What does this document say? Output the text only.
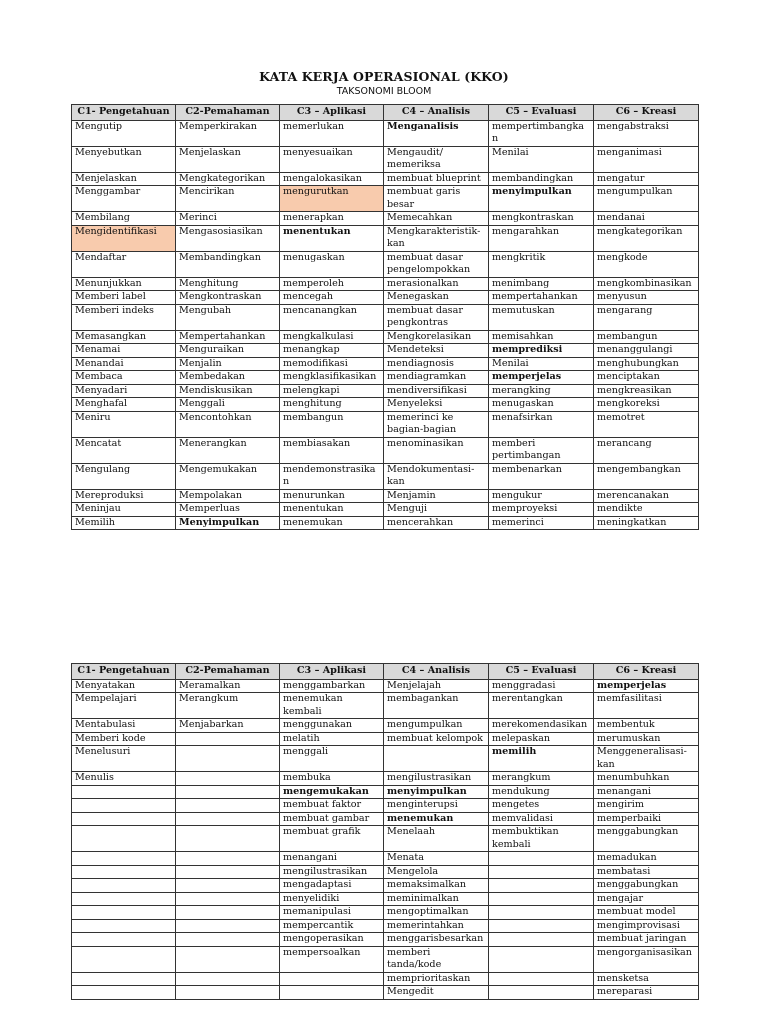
KATA KERJA OPERASIONAL (KKO)
TAKSONOMI BLOOM
C1- Pengetahuan	C2-Pemahaman	C3 – Aplikasi	C4 – Analisis	C5 – Evaluasi	C6 – Kreasi
Mengutip	Memperkirakan	memerlukan	Menganalisis	mempertimbangkan	mengabstraksi
Menyebutkan	Menjelaskan	menyesuaikan	Mengaudit/ memeriksa	Menilai	menganimasi
Menjelaskan	Mengkategorikan	mengalokasikan	membuat blueprint	membandingkan	mengatur
Menggambar	Mencirikan	mengurutkan	membuat garis besar	menyimpulkan	mengumpulkan
Membilang	Merinci	menerapkan	Memecahkan	mengkontraskan	mendanai
Mengidentifikasi	Mengasosiasikan	menentukan	Mengkarakteristik-kan	mengarahkan	mengkategorikan
Mendaftar	Membandingkan	menugaskan	membuat dasar pengelompokkan	mengkritik	mengkode
Menunjukkan	Menghitung	memperoleh	merasionalkan	menimbang	mengkombinasikan
Memberi label	Mengkontraskan	mencegah	Menegaskan	mempertahankan	menyusun
Memberi indeks	Mengubah	mencanangkan	membuat dasar pengkontras	memutuskan	mengarang
Memasangkan	Mempertahankan	mengkalkulasi	Mengkorelasikan	memisahkan	membangun
Menamai	Menguraikan	menangkap	Mendeteksi	memprediksi	menanggulangi
Menandai	Menjalin	memodifikasi	mendiagnosis	Menilai	menghubungkan
Membaca	Membedakan	mengklasifikasikan	mendiagramkan	memperjelas	menciptakan
Menyadari	Mendiskusikan	melengkapi	mendiversifikasi	merangking	mengkreasikan
Menghafal	Menggali	menghitung	Menyeleksi	menugaskan	mengkoreksi
Meniru	Mencontohkan	membangun	memerinci ke bagian-bagian	menafsirkan	memotret
Mencatat	Menerangkan	membiasakan	menominasikan	memberi pertimbangan	merancang
Mengulang	Mengemukakan	mendemonstrasikan	Mendokumentasi-kan	membenarkan	mengembangkan
Mereproduksi	Mempolakan	menurunkan	Menjamin	mengukur	merencanakan
Meninjau	Memperluas	menentukan	Menguji	memproyeksi	mendikte
Memilih	Menyimpulkan	menemukan	mencerahkan	memerinci	meningkatkan
C1- Pengetahuan	C2-Pemahaman	C3 – Aplikasi	C4 – Analisis	C5 – Evaluasi	C6 – Kreasi
Menyatakan	Meramalkan	menggambarkan	Menjelajah	menggradasi	memperjelas
Mempelajari	Merangkum	menemukan kembali	membagankan	merentangkan	memfasilitasi
Mentabulasi	Menjabarkan	menggunakan	mengumpulkan	merekomendasikan	membentuk
Memberi kode		melatih	membuat kelompok	melepaskan	merumuskan
Menelusuri		menggali		memilih	Menggeneralisasi-kan
Menulis		membuka	mengilustrasikan	merangkum	menumbuhkan
		mengemukakan	menyimpulkan	mendukung	menangani
		membuat faktor	menginterupsi	mengetes	mengirim
		membuat gambar	menemukan	memvalidasi	memperbaiki
		membuat grafik	Menelaah	membuktikan kembali	menggabungkan
		menangani	Menata		memadukan
		mengilustrasikan	Mengelola		membatasi
		mengadaptasi	memaksimalkan		menggabungkan
		menyelidiki	meminimalkan		mengajar
		memanipulasi	mengoptimalkan		membuat model
		mempercantik	memerintahkan		mengimprovisasi
		mengoperasikan	menggarisbesarkan		membuat jaringan
		mempersoalkan	memberi tanda/kode		mengorganisasikan
			memprioritaskan		mensketsa
			Mengedit		mereparasi
